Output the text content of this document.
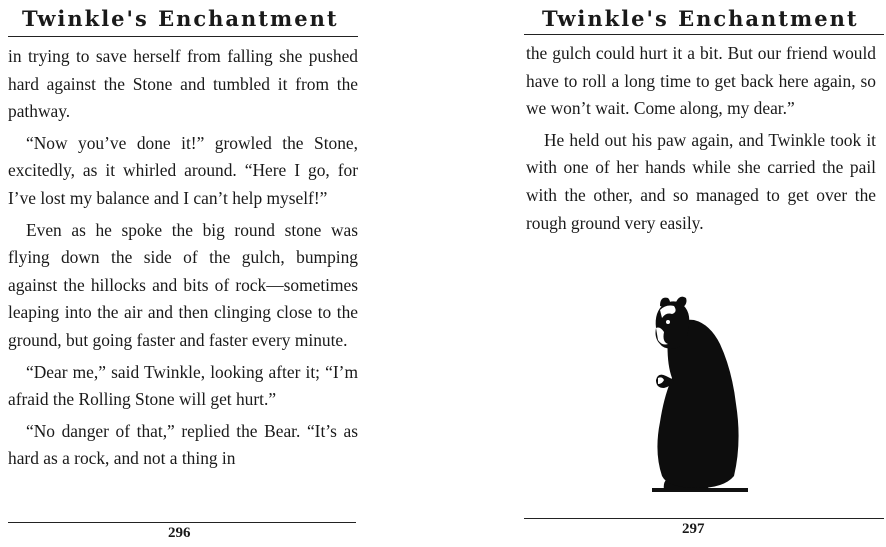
Twinkle's Enchantment

in trying to save herself from falling she pushed hard against the Stone and tumbled it from the pathway.

“Now you’ve done it!” growled the Stone, excitedly, as it whirled around. “Here I go, for I’ve lost my balance and I can’t help myself!”

Even as he spoke the big round stone was flying down the side of the gulch, bumping against the hillocks and bits of rock—sometimes leaping into the air and then clinging close to the ground, but going faster and faster every minute.

“Dear me,” said Twinkle, looking after it; “I’m afraid the Rolling Stone will get hurt.”

“No danger of that,” replied the Bear. “It’s as hard as a rock, and not a thing in

296
Twinkle's Enchantment

the gulch could hurt it a bit. But our friend would have to roll a long time to get back here again, so we won’t wait. Come along, my dear.”

He held out his paw again, and Twinkle took it with one of her hands while she carried the pail with the other, and so managed to get over the rough ground very easily.

297
